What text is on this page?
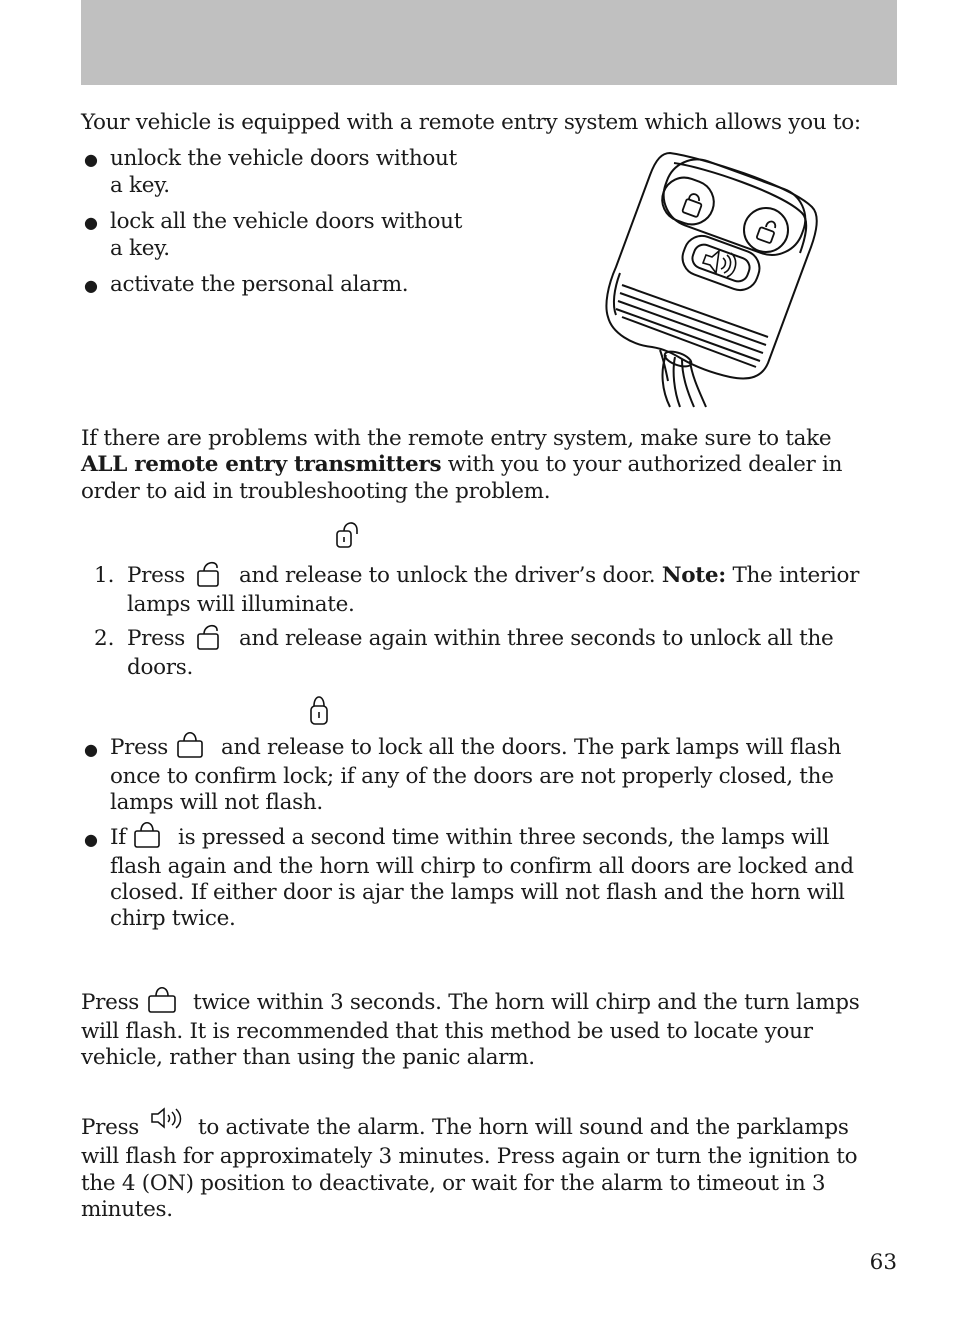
Your vehicle is equipped with a remote entry system which allows you to:
● unlock the vehicle doors without
a key.
● lock all the vehicle doors without
a key.
● activate the personal alarm.
If there are problems with the remote entry system, make sure to take
ALL remote entry transmitters with you to your authorized dealer in
order to aid in troubleshooting the problem.
1. Press	and release to unlock the driver’s door. Note: The interior
lamps will illuminate.
2. Press	and release again within three seconds to unlock all the
doors.
● Press and release to lock all the doors. The park lamps will flash
once to confirm lock; if any of the doors are not properly closed, the
lamps will not flash.
● If is pressed a second time within three seconds, the lamps will
flash again and the horn will chirp to confirm all doors are locked and
closed. If either door is ajar the lamps will not flash and the horn will
chirp twice.
Press	twice within 3 seconds. The horn will chirp and the turn lamps
will flash. It is recommended that this method be used to locate your
vehicle, rather than using the panic alarm.
Press	to activate the alarm. The horn will sound and the parklamps
will flash for approximately 3 minutes. Press again or turn the ignition to
the 4 (ON) position to deactivate, or wait for the alarm to timeout in 3
minutes.
63
